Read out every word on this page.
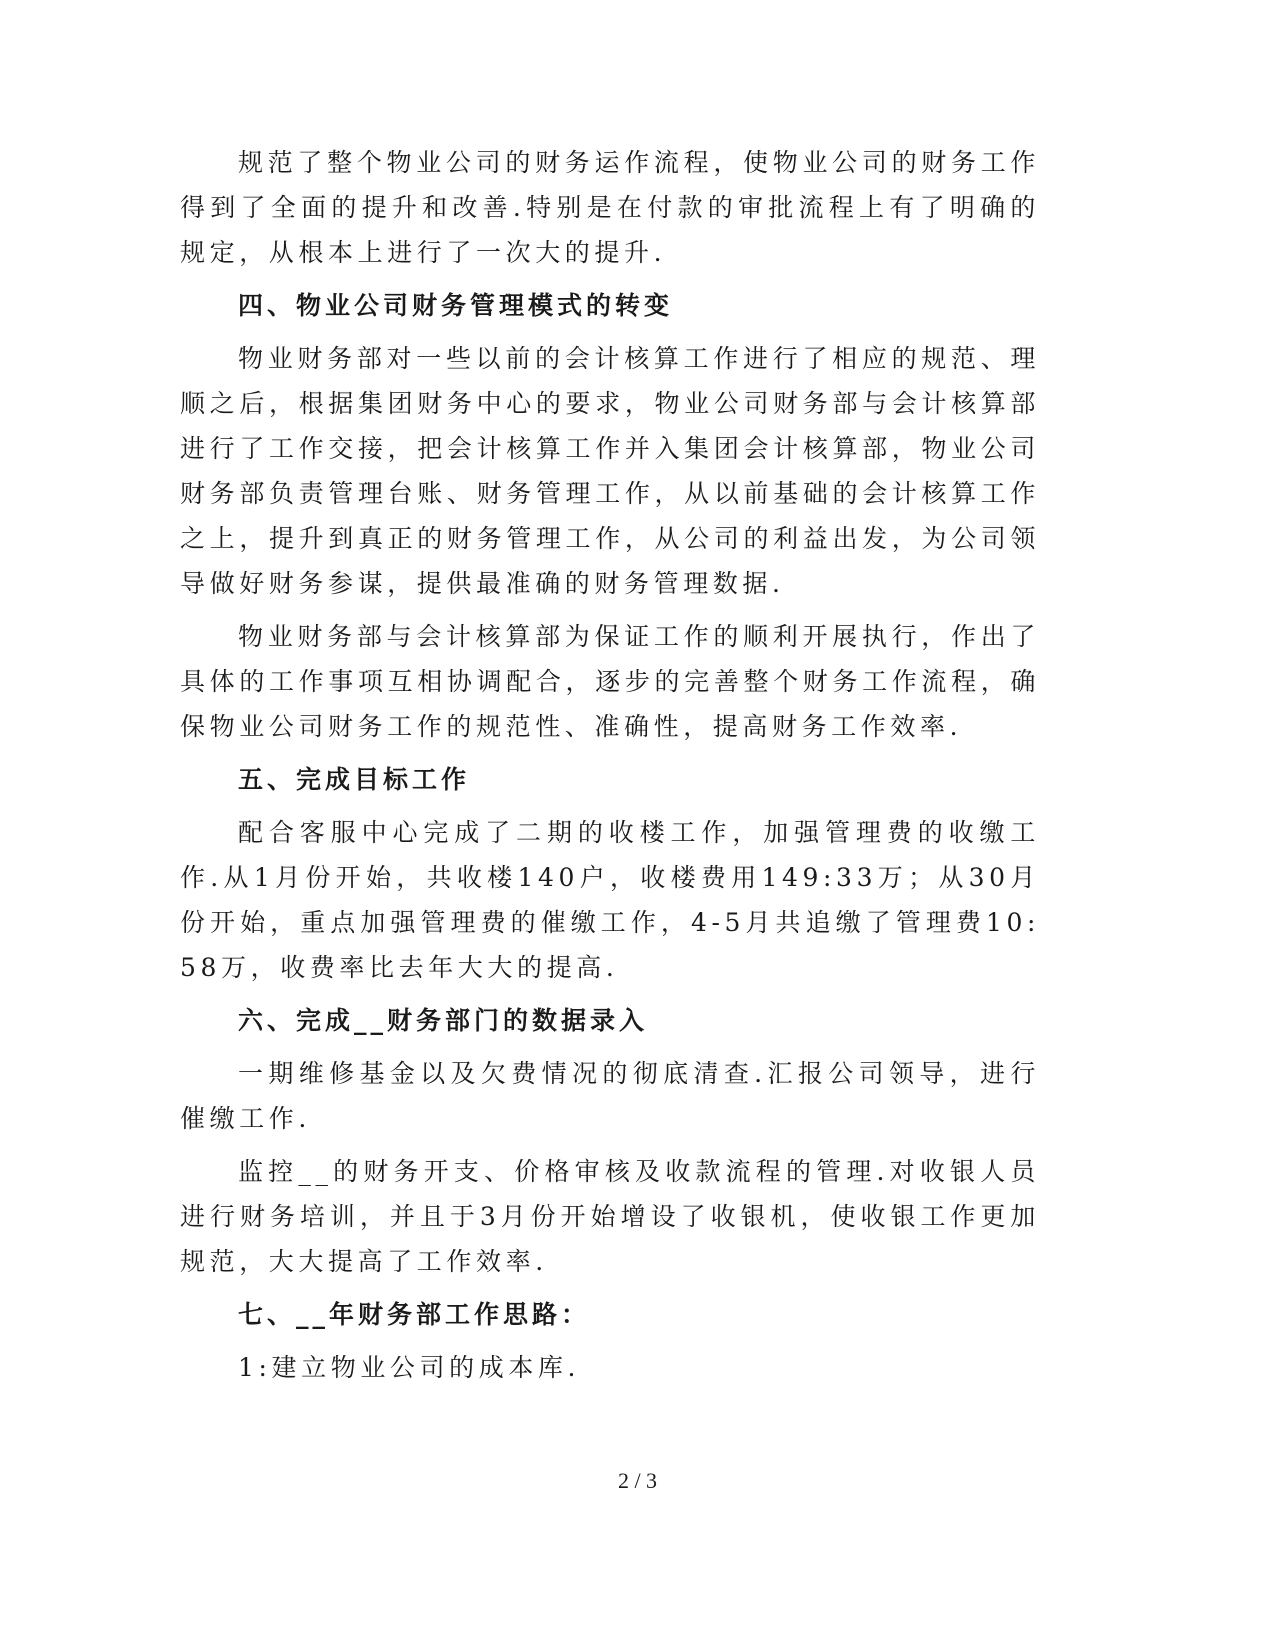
规范了整个物业公司的财务运作流程，使物业公司的财务工作得到了全面的提升和改善.特别是在付款的审批流程上有了明确的规定，从根本上进行了一次大的提升.

四、物业公司财务管理模式的转变

物业财务部对一些以前的会计核算工作进行了相应的规范、理顺之后，根据集团财务中心的要求，物业公司财务部与会计核算部进行了工作交接，把会计核算工作并入集团会计核算部，物业公司财务部负责管理台账、财务管理工作，从以前基础的会计核算工作之上，提升到真正的财务管理工作，从公司的利益出发，为公司领导做好财务参谋，提供最准确的财务管理数据.

物业财务部与会计核算部为保证工作的顺利开展执行，作出了具体的工作事项互相协调配合，逐步的完善整个财务工作流程，确保物业公司财务工作的规范性、准确性，提高财务工作效率.

五、完成目标工作

配合客服中心完成了二期的收楼工作，加强管理费的收缴工作.从1月份开始，共收楼140户，收楼费用149:33万；从30月份开始，重点加强管理费的催缴工作，4-5月共追缴了管理费10:58万，收费率比去年大大的提高.

六、完成__财务部门的数据录入

一期维修基金以及欠费情况的彻底清查.汇报公司领导，进行催缴工作.

监控__的财务开支、价格审核及收款流程的管理.对收银人员进行财务培训，并且于3月份开始增设了收银机，使收银工作更加规范，大大提高了工作效率.

七、__年财务部工作思路：

1:建立物业公司的成本库.

2 / 3
